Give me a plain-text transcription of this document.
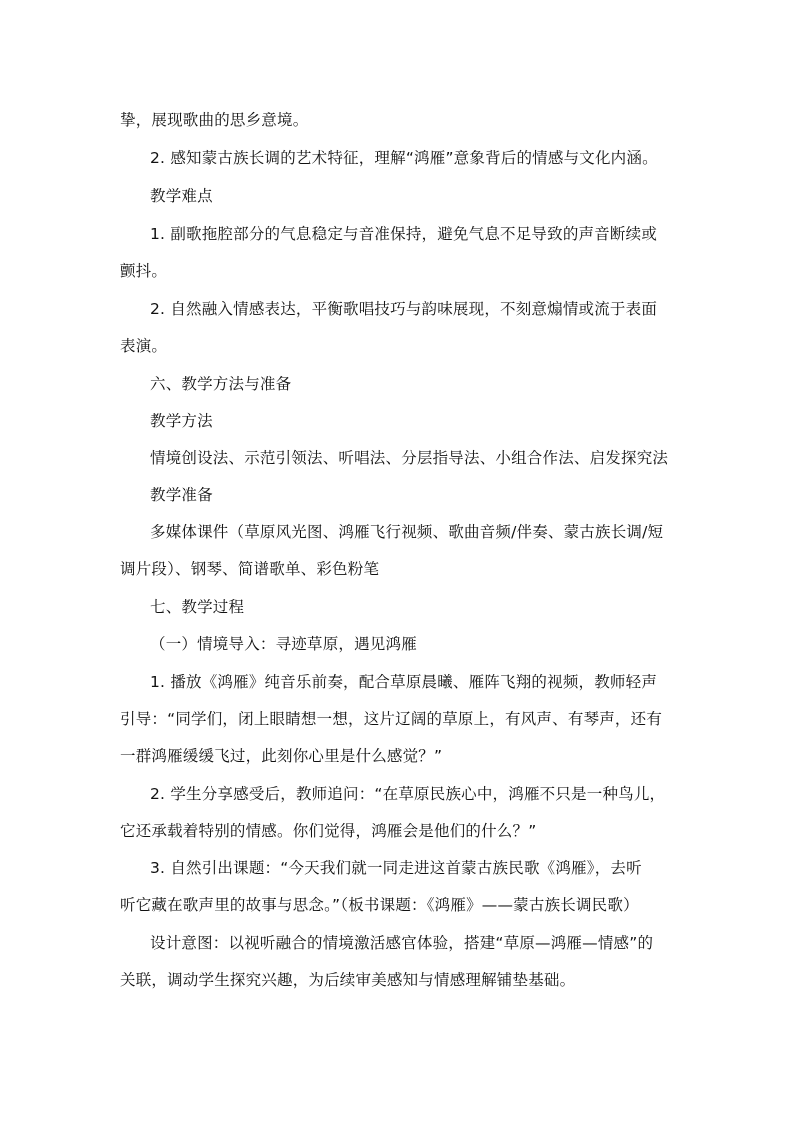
挚，展现歌曲的思乡意境。
2. 感知蒙古族长调的艺术特征，理解“鸿雁”意象背后的情感与文化内涵。
教学难点
1. 副歌拖腔部分的气息稳定与音准保持，避免气息不足导致的声音断续或
颤抖。
2. 自然融入情感表达，平衡歌唱技巧与韵味展现，不刻意煽情或流于表面
表演。
六、教学方法与准备
教学方法
情境创设法、示范引领法、听唱法、分层指导法、小组合作法、启发探究法
教学准备
多媒体课件（草原风光图、鸿雁飞行视频、歌曲音频/伴奏、蒙古族长调/短
调片段）、钢琴、简谱歌单、彩色粉笔
七、教学过程
（一）情境导入：寻迹草原，遇见鸿雁
1. 播放《鸿雁》纯音乐前奏，配合草原晨曦、雁阵飞翔的视频，教师轻声
引导：“同学们，闭上眼睛想一想，这片辽阔的草原上，有风声、有琴声，还有
一群鸿雁缓缓飞过，此刻你心里是什么感觉？”
2. 学生分享感受后，教师追问：“在草原民族心中，鸿雁不只是一种鸟儿，
它还承载着特别的情感。你们觉得，鸿雁会是他们的什么？”
3. 自然引出课题：“今天我们就一同走进这首蒙古族民歌《鸿雁》，去听
听它藏在歌声里的故事与思念。”（板书课题：《鸿雁》——蒙古族长调民歌）
设计意图：以视听融合的情境激活感官体验，搭建“草原—鸿雁—情感”的
关联，调动学生探究兴趣，为后续审美感知与情感理解铺垫基础。
